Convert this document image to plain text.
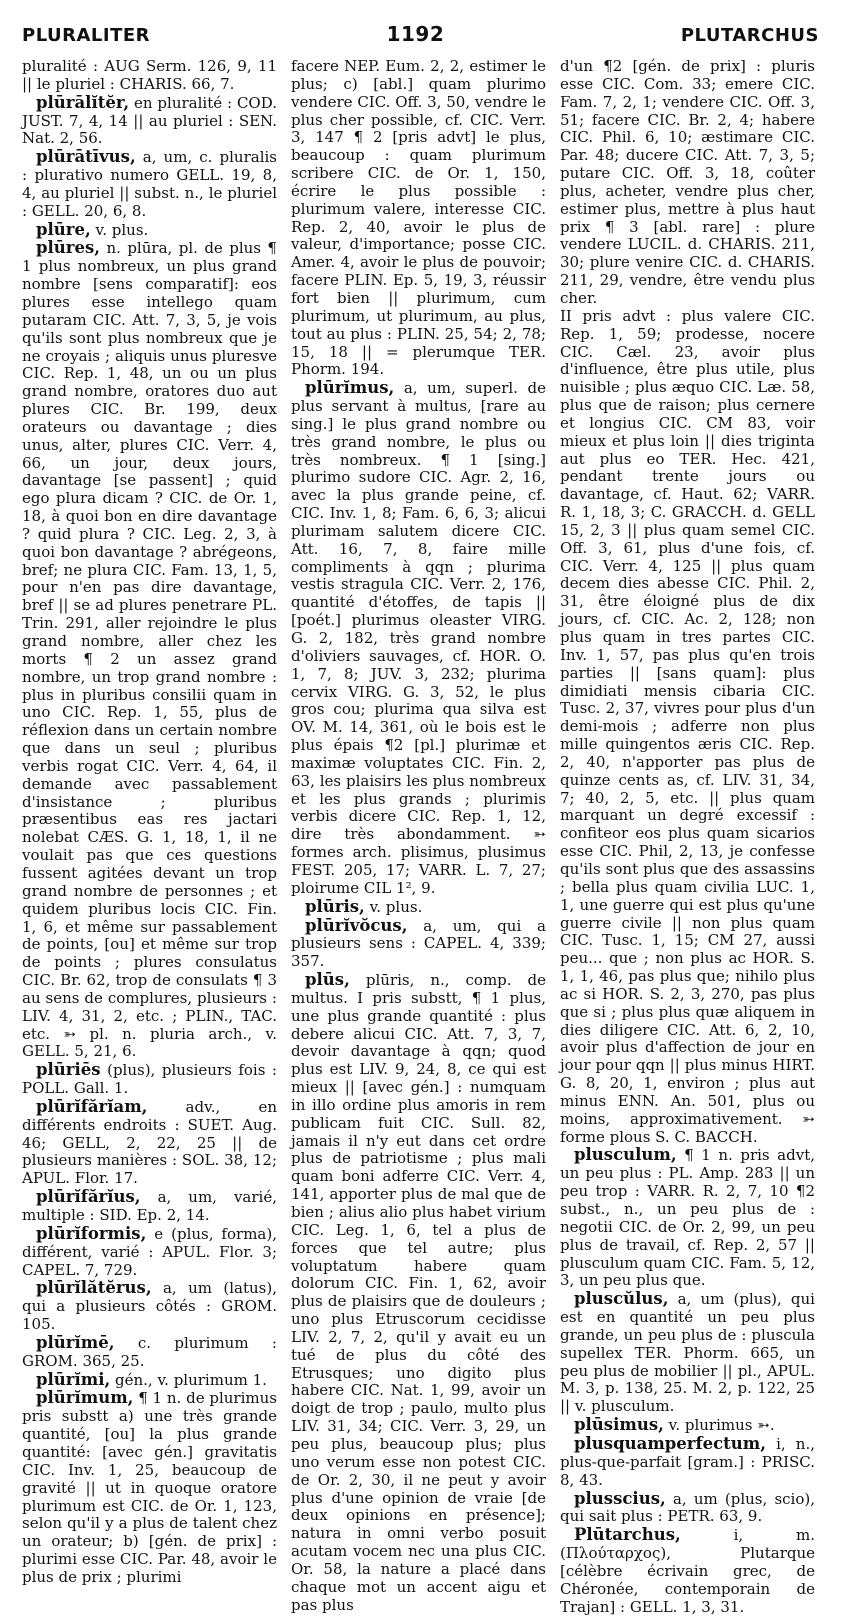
PLURALITER	1192	PLUTARCHUS

pluralité : AUG Serm. 126, 9, 11 || le pluriel : CHARIS. 66, 7.

plūrālĭtĕr, en pluralité : COD. JUST. 7, 4, 14 || au pluriel : SEN. Nat. 2, 56.

plūrātīvus, a, um, c. pluralis : plurativo numero GELL. 19, 8, 4, au pluriel || subst. n., le pluriel : GELL. 20, 6, 8.

plūre, v. plus.

plūres, n. plūra, pl. de plus ¶ 1 plus nombreux, un plus grand nombre [sens comparatif]: eos plures esse intellego quam putaram CIC. Att. 7, 3, 5, je vois qu'ils sont plus nombreux que je ne croyais ; aliquis unus pluresve CIC. Rep. 1, 48, un ou un plus grand nombre, oratores duo aut plures CIC. Br. 199, deux orateurs ou davantage ; dies unus, alter, plures CIC. Verr. 4, 66, un jour, deux jours, davantage [se passent] ; quid ego plura dicam ? CIC. de Or. 1, 18, à quoi bon en dire davantage ? quid plura ? CIC. Leg. 2, 3, à quoi bon davantage ? abrégeons, bref; ne plura CIC. Fam. 13, 1, 5, pour n'en pas dire davantage, bref || se ad plures penetrare PL. Trin. 291, aller rejoindre le plus grand nombre, aller chez les morts ¶ 2 un assez grand nombre, un trop grand nombre : plus in pluribus consilii quam in uno CIC. Rep. 1, 55, plus de réflexion dans un certain nombre que dans un seul ; pluribus verbis rogat CIC. Verr. 4, 64, il demande avec passablement d'insistance ; pluribus præsentibus eas res jactari nolebat CÆS. G. 1, 18, 1, il ne voulait pas que ces questions fussent agitées devant un trop grand nombre de personnes ; et quidem pluribus locis CIC. Fin. 1, 6, et même sur passablement de points, [ou] et même sur trop de points ; plures consulatus CIC. Br. 62, trop de consulats ¶ 3 au sens de complures, plusieurs : LIV. 4, 31, 2, etc. ; PLIN., TAC. etc. ➳ pl. n. pluria arch., v. GELL. 5, 21, 6.

plūriēs (plus), plusieurs fois : POLL. Gall. 1.

plūrĭfărĭam,	adv., en différents endroits : SUET. Aug. 46; GELL, 2, 22, 25 || de plusieurs manières : SOL. 38, 12; APUL. Flor. 17.

plūrĭfărĭus, a, um, varié, multiple : SID. Ep. 2, 14.

plūrĭformis, e (plus, forma), différent, varié : APUL. Flor. 3; CAPEL. 7, 729.

plūrĭlătĕrus, a, um (latus), qui a plusieurs côtés : GROM. 105.

plūrĭmē, c. plurimum : GROM. 365, 25.

plūrĭmi, gén., v. plurimum 1.

plūrĭmum, ¶ 1 n. de plurimus pris substt a) une très grande quantité, [ou] la plus grande quantité: [avec gén.] gravitatis CIC. Inv. 1, 25, beaucoup de gravité || ut in quoque oratore plurimum est CIC. de Or. 1, 123, selon qu'il y a plus de talent chez un orateur; b) [gén. de prix] : plurimi esse CIC. Par. 48, avoir le plus de prix ; plurimi

facere NEP. Eum. 2, 2, estimer le plus; c) [abl.] quam plurimo vendere CIC. Off. 3, 50, vendre le plus cher possible, cf. CIC. Verr. 3, 147 ¶ 2 [pris advt] le plus, beaucoup : quam plurimum scribere CIC. de Or. 1, 150, écrire le plus possible : plurimum valere, interesse CIC. Rep. 2, 40, avoir le plus de valeur, d'importance; posse CIC. Amer. 4, avoir le plus de pouvoir; facere PLIN. Ep. 5, 19, 3, réussir fort bien || plurimum, cum plurimum, ut plurimum, au plus, tout au plus : PLIN. 25, 54; 2, 78; 15, 18 || = plerumque TER. Phorm. 194.

plūrĭmus, a, um, superl. de plus servant à multus, [rare au sing.] le plus grand nombre ou très grand nombre, le plus ou très nombreux. ¶ 1 [sing.] plurimo sudore CIC. Agr. 2, 16, avec la plus grande peine, cf. CIC. Inv. 1, 8; Fam. 6, 6, 3; alicui plurimam salutem dicere CIC. Att. 16, 7, 8, faire mille compliments à qqn ; plurima vestis stragula CIC. Verr. 2, 176, quantité d'étoffes, de tapis || [poét.] plurimus oleaster VIRG. G. 2, 182, très grand nombre d'oliviers sauvages, cf. HOR. O. 1, 7, 8; JUV. 3, 232; plurima cervix VIRG. G. 3, 52, le plus gros cou; plurima qua silva est OV. M. 14, 361, où le bois est le plus épais ¶2 [pl.] plurimæ et maximæ voluptates CIC. Fin. 2, 63, les plaisirs les plus nombreux et les plus grands ; plurimis verbis dicere CIC. Rep. 1, 12, dire très abondamment. ➳ formes arch. plisimus, plusimus FEST. 205, 17; VARR. L. 7, 27; ploirume CIL 1², 9.

plūris, v. plus.

plūrĭvŏcus, a, um, qui a plusieurs sens : CAPEL. 4, 339; 357.

plūs, plūris, n., comp. de multus. I pris substt, ¶ 1 plus, une plus grande quantité : plus debere alicui CIC. Att. 7, 3, 7, devoir davantage à qqn; quod plus est LIV. 9, 24, 8, ce qui est mieux || [avec gén.] : numquam in illo ordine plus amoris in rem publicam fuit CIC. Sull. 82, jamais il n'y eut dans cet ordre plus de patriotisme ; plus mali quam boni adferre CIC. Verr. 4, 141, apporter plus de mal que de bien ; alius alio plus habet virium CIC. Leg. 1, 6, tel a plus de forces que tel autre; plus voluptatum habere quam dolorum CIC. Fin. 1, 62, avoir plus de plaisirs que de douleurs ; uno plus Etruscorum cecidisse LIV. 2, 7, 2, qu'il y avait eu un tué de plus du côté des Etrusques; uno digito plus habere CIC. Nat. 1, 99, avoir un doigt de trop ; paulo, multo plus LIV. 31, 34; CIC. Verr. 3, 29, un peu plus, beaucoup plus; plus uno verum esse non potest CIC. de Or. 2, 30, il ne peut y avoir plus d'une opinion de vraie [de deux opinions en présence]; natura in omni verbo posuit acutam vocem nec una plus CIC. Or. 58, la nature a placé dans chaque mot un accent aigu et pas plus

d'un ¶2 [gén. de prix] : pluris esse CIC. Com. 33; emere CIC. Fam. 7, 2, 1; vendere CIC. Off. 3, 51; facere CIC. Br. 2, 4; habere CIC. Phil. 6, 10; æstimare CIC. Par. 48; ducere CIC. Att. 7, 3, 5; putare CIC. Off. 3, 18, coûter plus, acheter, vendre plus cher, estimer plus, mettre à plus haut prix ¶ 3 [abl. rare] : plure vendere LUCIL. d. CHARIS. 211, 30; plure venire CIC. d. CHARIS. 211, 29, vendre, être vendu plus cher.

II pris advt : plus valere CIC. Rep. 1, 59; prodesse, nocere CIC. Cæl. 23, avoir plus d'influence, être plus utile, plus nuisible ; plus æquo CIC. Læ. 58, plus que de raison; plus cernere et longius CIC. CM 83, voir mieux et plus loin || dies triginta aut plus eo TER. Hec. 421, pendant trente jours ou davantage, cf. Haut. 62; VARR. R. 1, 18, 3; C. GRACCH. d. GELL 15, 2, 3 || plus quam semel CIC. Off. 3, 61, plus d'une fois, cf. CIC. Verr. 4, 125 || plus quam decem dies abesse CIC. Phil. 2, 31, être éloigné plus de dix jours, cf. CIC. Ac. 2, 128; non plus quam in tres partes CIC. Inv. 1, 57, pas plus qu'en trois parties || [sans quam]: plus dimidiati mensis cibaria CIC. Tusc. 2, 37, vivres pour plus d'un demi-mois ; adferre non plus mille quingentos æris CIC. Rep. 2, 40, n'apporter pas plus de quinze cents as, cf. LIV. 31, 34, 7; 40, 2, 5, etc. || plus quam marquant un degré excessif : confiteor eos plus quam sicarios esse CIC. Phil, 2, 13, je confesse qu'ils sont plus que des assassins ; bella plus quam civilia LUC. 1, 1, une guerre qui est plus qu'une guerre civile || non plus quam CIC. Tusc. 1, 15; CM 27, aussi peu... que ; non plus ac HOR. S. 1, 1, 46, pas plus que; nihilo plus ac si HOR. S. 2, 3, 270, pas plus que si ; plus plus quæ aliquem in dies diligere CIC. Att. 6, 2, 10, avoir plus d'affection de jour en jour pour qqn || plus minus HIRT. G. 8, 20, 1, environ ; plus aut minus ENN. An. 501, plus ou moins, approximativement. ➳ forme plous S. C. BACCH.

plusculum, ¶ 1 n. pris advt, un peu plus : PL. Amp. 283 || un peu trop : VARR. R. 2, 7, 10 ¶2 subst., n., un peu plus de : negotii CIC. de Or. 2, 99, un peu plus de travail, cf. Rep. 2, 57 || plusculum quam CIC. Fam. 5, 12, 3, un peu plus que.

pluscŭlus, a, um (plus), qui est en quantité un peu plus grande, un peu plus de : pluscula supellex TER. Phorm. 665, un peu plus de mobilier || pl., APUL. M. 3, p. 138, 25. M. 2, p. 122, 25 || v. plusculum.

plūsimus, v. plurimus ➳.

plusquamperfectum, i, n., plus-que-parfait [gram.] : PRISC. 8, 43.

plusscius, a, um (plus, scio), qui sait plus : PETR. 63, 9.

Plūtarchus,	i, m. (Πλούταρχος), Plutarque [célèbre écrivain grec, de Chéronée, contemporain de Trajan] : GELL. 1, 3, 31.
